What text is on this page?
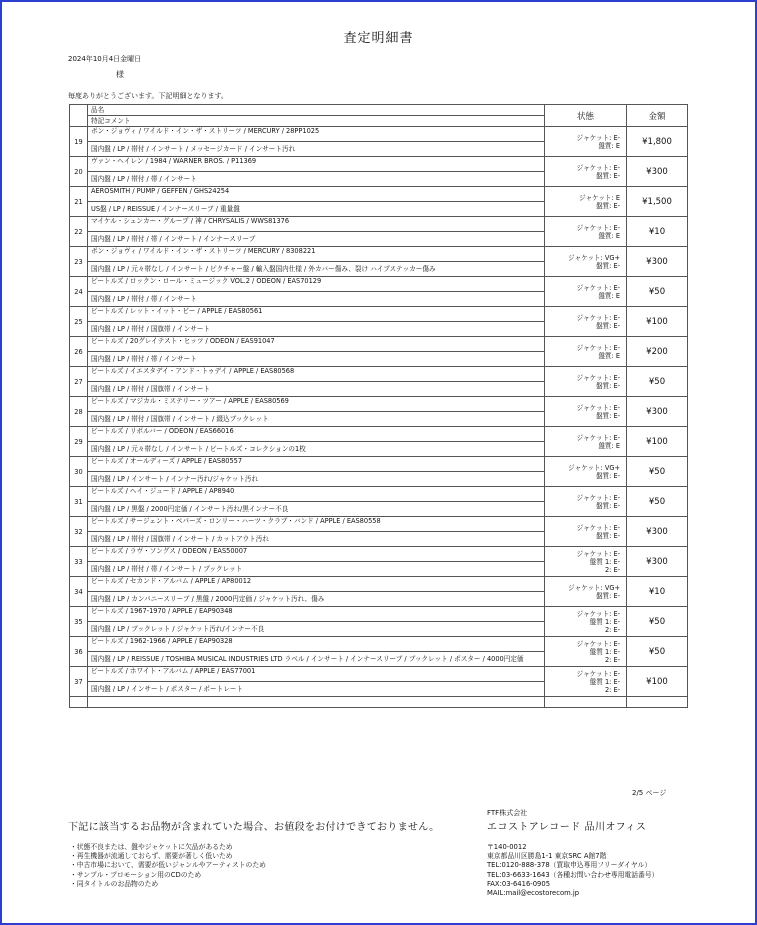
査定明細書
2024年10月4日金曜日
様
毎度ありがとうございます。下記明細となります。
	品名	状態	金額
	特記コメント		
19	ボン・ジョヴィ / ワイルド・イン・ザ・ストリーツ / MERCURY / 28PP1025	ジャケット: E-
盤質: E	¥1,800
	国内盤 / LP / 帯付 / インサート / メッセージカード / インサート汚れ		
20	ヴァン・ヘイレン / 1984 / WARNER BROS. / P11369	ジャケット: E-
盤質: E-	¥300
	国内盤 / LP / 帯付 / 帯 / インサート		
21	AEROSMITH / PUMP / GEFFEN / GHS24254	ジャケット: E
盤質: E-	¥1,500
	US盤 / LP / REISSUE / インナースリーブ / 重量盤		
22	マイケル・シェンカー・グループ / 神 / CHRYSALIS / WWS81376	ジャケット: E-
盤質: E	¥10
	国内盤 / LP / 帯付 / 帯 / インサート / インナースリーブ		
23	ボン・ジョヴィ / ワイルド・イン・ザ・ストリーツ / MERCURY / 8308221	ジャケット: VG+
盤質: E-	¥300
	国内盤 / LP / 元々帯なし / インサート / ピクチャー盤 / 輸入盤国内仕様 / 外カバー傷み、裂け ハイプステッカー傷み		
24	ビートルズ / ロックン・ロール・ミュージック VOL.2 / ODEON / EAS70129	ジャケット: E-
盤質: E	¥50
	国内盤 / LP / 帯付 / 帯 / インサート		
25	ビートルズ / レット・イット・ビー / APPLE / EAS80561	ジャケット: E-
盤質: E-	¥100
	国内盤 / LP / 帯付 / 国旗帯 / インサート		
26	ビートルズ / 20グレイテスト・ヒッツ / ODEON / EAS91047	ジャケット: E-
盤質: E	¥200
	国内盤 / LP / 帯付 / 帯 / インサート		
27	ビートルズ / イエスタデイ・アンド・トゥデイ / APPLE / EAS80568	ジャケット: E-
盤質: E-	¥50
	国内盤 / LP / 帯付 / 国旗帯 / インサート		
28	ビートルズ / マジカル・ミステリー・ツアー / APPLE / EAS80569	ジャケット: E-
盤質: E-	¥300
	国内盤 / LP / 帯付 / 国旗帯 / インサート / 綴込ブックレット		
29	ビートルズ / リボルバー / ODEON / EAS66016	ジャケット: E-
盤質: E	¥100
	国内盤 / LP / 元々帯なし / インサート / ビートルズ・コレクションの1枚		
30	ビートルズ / オールディーズ / APPLE / EAS80557	ジャケット: VG+
盤質: E-	¥50
	国内盤 / LP / インサート / インナー汚れ/ジャケット汚れ		
31	ビートルズ / ヘイ・ジュード / APPLE / AP8940	ジャケット: E-
盤質: E-	¥50
	国内盤 / LP / 黒盤 / 2000円定価 / インサート汚れ/黒インナー不良		
32	ビートルズ / サージェント・ペパーズ・ロンリー・ハーツ・クラブ・バンド / APPLE / EAS80558	ジャケット: E-
盤質: E-	¥300
	国内盤 / LP / 帯付 / 国旗帯 / インサート / カットアウト汚れ		
33	ビートルズ / ラヴ・ソングス / ODEON / EAS50007	ジャケット: E-
盤質 1: E-
2: E-	¥300
	国内盤 / LP / 帯付 / 帯 / インサート / ブックレット		
34	ビートルズ / セカンド・アルバム / APPLE / AP80012	ジャケット: VG+
盤質: E-	¥10
	国内盤 / LP / カンパニースリーブ / 黒盤 / 2000円定価 / ジャケット汚れ、傷み		
35	ビートルズ / 1967-1970 / APPLE / EAP90348	ジャケット: E-
盤質 1: E-
2: E-	¥50
	国内盤 / LP / ブックレット / ジャケット汚れ/インナー不良		
36	ビートルズ / 1962-1966 / APPLE / EAP90328	ジャケット: E-
盤質 1: E-
2: E-	¥50
	国内盤 / LP / REISSUE / TOSHIBA MUSICAL INDUSTRIES LTD ラベル / インサート / インナースリーブ / ブックレット / ポスター / 4000円定価		
37	ビートルズ / ホワイト・アルバム / APPLE / EAS77001	ジャケット: E-
盤質 1: E-
2: E-	¥100
	国内盤 / LP / インサート / ポスター / ポートレート		

2/5 ページ
下記に該当するお品物が含まれていた場合、お値段をお付けできておりません。
・状態不良または、盤やジャケットに欠品があるため
・再生機器が流通しておらず、需要が著しく低いため
・中古市場において、需要が低いジャンルやアーティストのため
・サンプル・プロモーション用のCDのため
・同タイトルのお品物のため
FTF株式会社
エコストアレコード 品川オフィス
〒140-0012
東京都品川区勝島1-1 東京SRC A館7階
TEL:0120-888-378（買取申込専用フリーダイヤル）
TEL:03-6633-1643（各種お問い合わせ専用電話番号）
FAX:03-6416-0905
MAIL:mail@ecostorecom.jp
